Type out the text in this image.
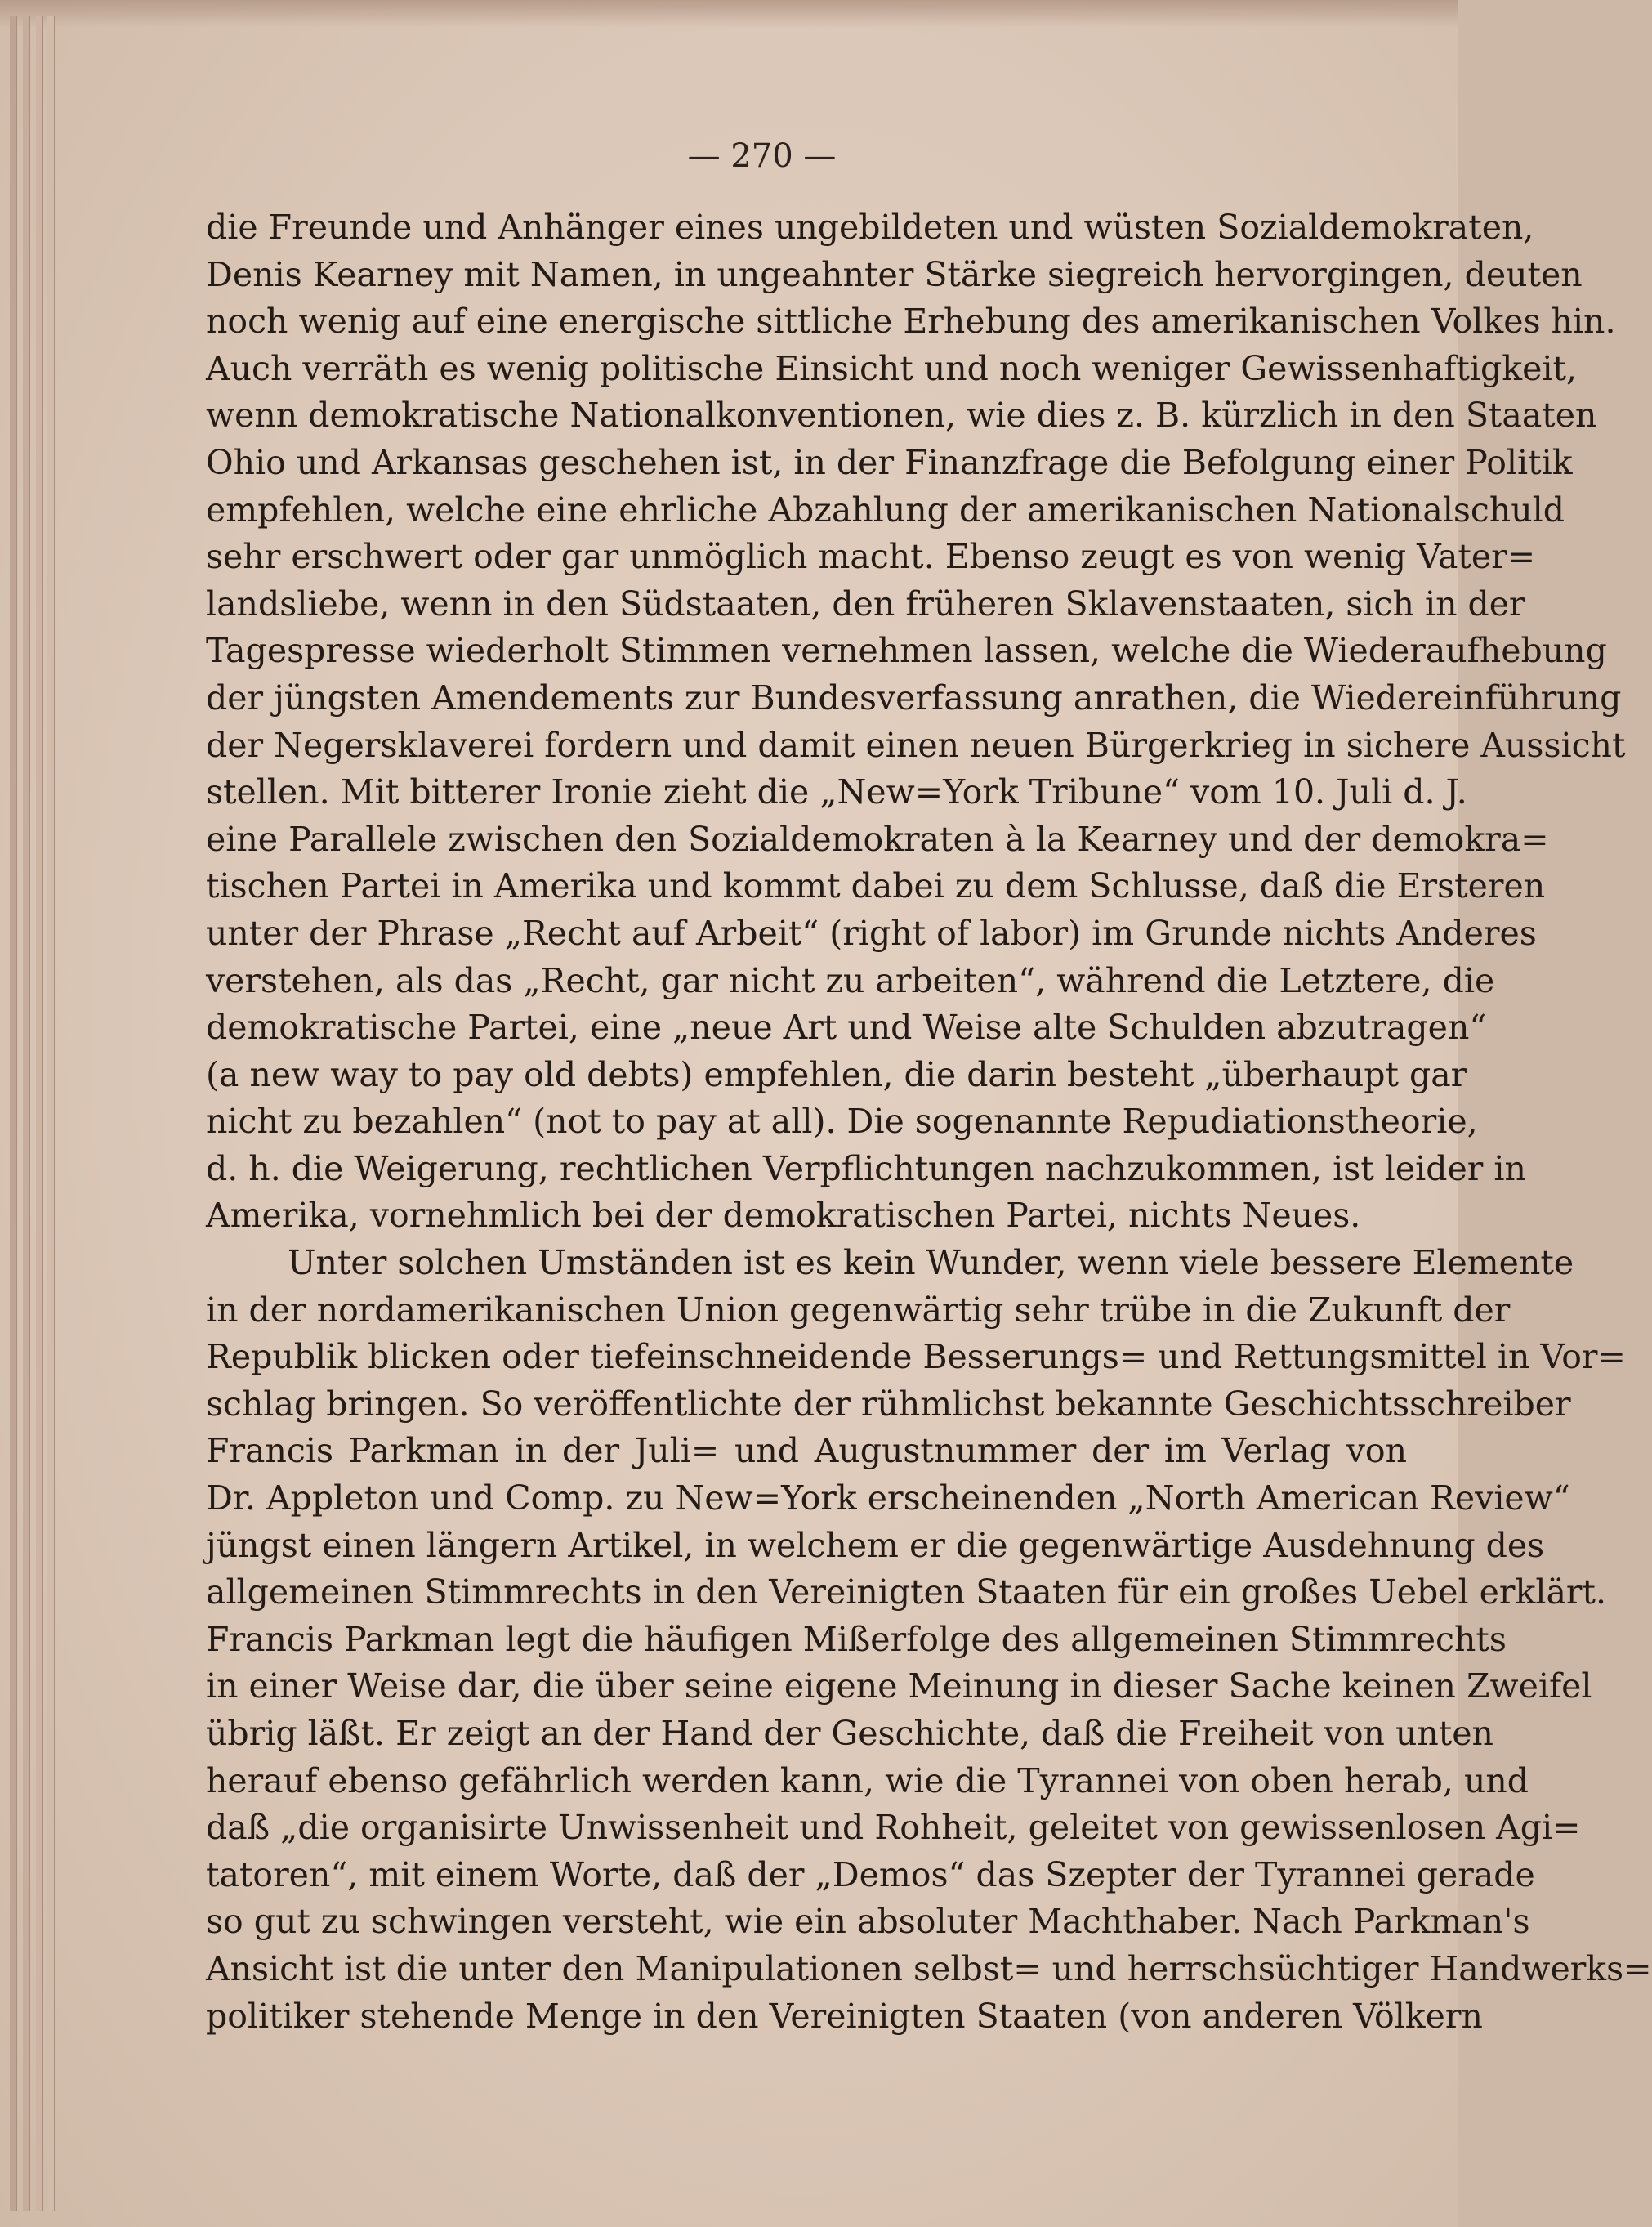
— 270 —
die Freunde und Anhänger eines ungebildeten und wüsten Sozialdemokraten,
Denis Kearney mit Namen, in ungeahnter Stärke siegreich hervorgingen, deuten
noch wenig auf eine energische sittliche Erhebung des amerikanischen Volkes hin.
Auch verräth es wenig politische Einsicht und noch weniger Gewissenhaftigkeit,
wenn demokratische Nationalkonventionen, wie dies z. B. kürzlich in den Staaten
Ohio und Arkansas geschehen ist, in der Finanzfrage die Befolgung einer Politik
empfehlen, welche eine ehrliche Abzahlung der amerikanischen Nationalschuld
sehr erschwert oder gar unmöglich macht. Ebenso zeugt es von wenig Vater=
landsliebe, wenn in den Südstaaten, den früheren Sklavenstaaten, sich in der
Tagespresse wiederholt Stimmen vernehmen lassen, welche die Wiederaufhebung
der jüngsten Amendements zur Bundesverfassung anrathen, die Wiedereinführung
der Negersklaverei fordern und damit einen neuen Bürgerkrieg in sichere Aussicht
stellen. Mit bitterer Ironie zieht die „New=York Tribune“ vom 10. Juli d. J.
eine Parallele zwischen den Sozialdemokraten à la Kearney und der demokra=
tischen Partei in Amerika und kommt dabei zu dem Schlusse, daß die Ersteren
unter der Phrase „Recht auf Arbeit“ (right of labor) im Grunde nichts Anderes
verstehen, als das „Recht, gar nicht zu arbeiten“, während die Letztere, die
demokratische Partei, eine „neue Art und Weise alte Schulden abzutragen“
(a new way to pay old debts) empfehlen, die darin besteht „überhaupt gar
nicht zu bezahlen“ (not to pay at all). Die sogenannte Repudiationstheorie,
d. h. die Weigerung, rechtlichen Verpflichtungen nachzukommen, ist leider in
Amerika, vornehmlich bei der demokratischen Partei, nichts Neues.
Unter solchen Umständen ist es kein Wunder, wenn viele bessere Elemente
in der nordamerikanischen Union gegenwärtig sehr trübe in die Zukunft der
Republik blicken oder tiefeinschneidende Besserungs= und Rettungsmittel in Vor=
schlag bringen. So veröffentlichte der rühmlichst bekannte Geschichtsschreiber
Francis Parkman in der Juli= und Augustnummer der im Verlag von
Dr. Appleton und Comp. zu New=York erscheinenden „North American Review“
jüngst einen längern Artikel, in welchem er die gegenwärtige Ausdehnung des
allgemeinen Stimmrechts in den Vereinigten Staaten für ein großes Uebel erklärt.
Francis Parkman legt die häufigen Mißerfolge des allgemeinen Stimmrechts
in einer Weise dar, die über seine eigene Meinung in dieser Sache keinen Zweifel
übrig läßt. Er zeigt an der Hand der Geschichte, daß die Freiheit von unten
herauf ebenso gefährlich werden kann, wie die Tyrannei von oben herab, und
daß „die organisirte Unwissenheit und Rohheit, geleitet von gewissenlosen Agi=
tatoren“, mit einem Worte, daß der „Demos“ das Szepter der Tyrannei gerade
so gut zu schwingen versteht, wie ein absoluter Machthaber. Nach Parkman's
Ansicht ist die unter den Manipulationen selbst= und herrschsüchtiger Handwerks=
politiker stehende Menge in den Vereinigten Staaten (von anderen Völkern
